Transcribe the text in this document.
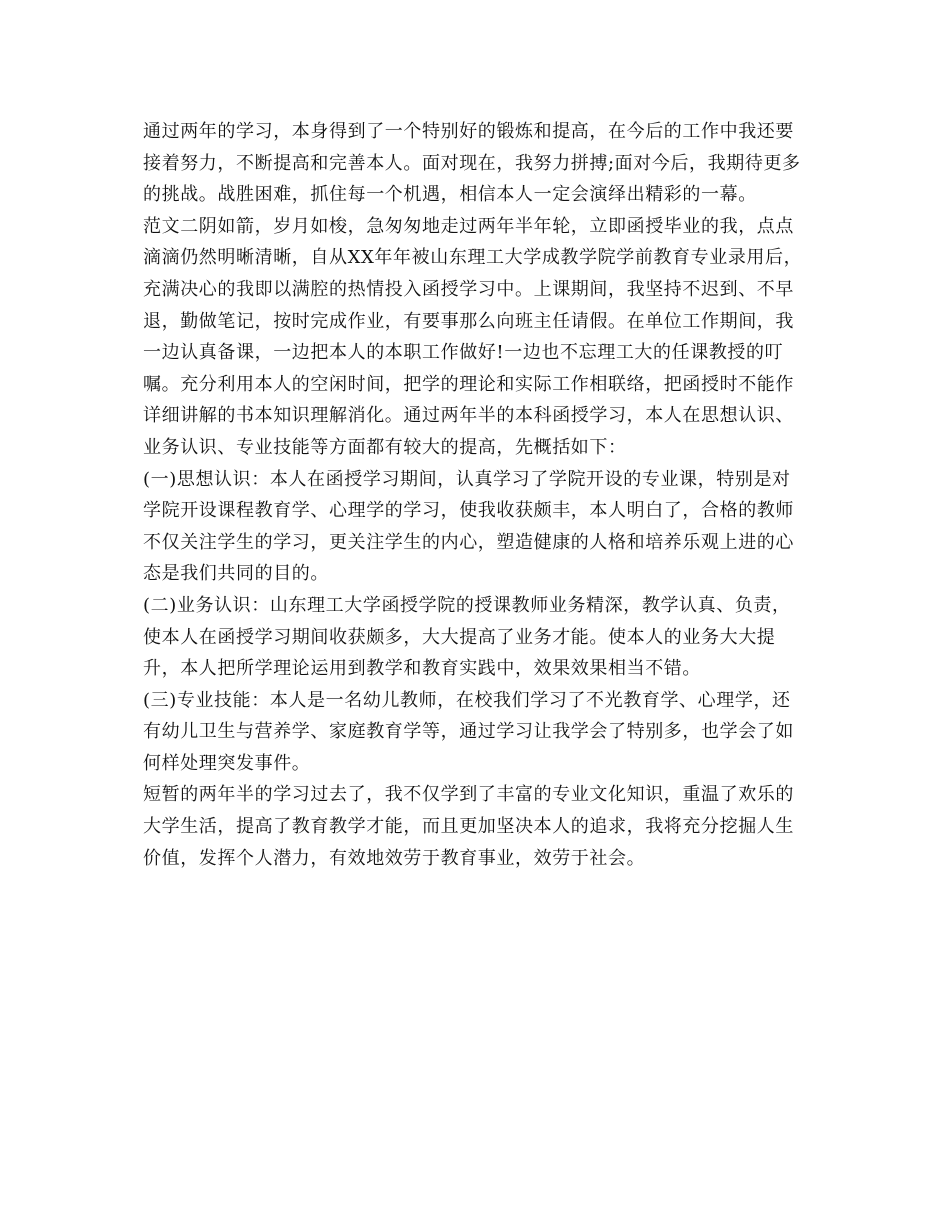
通过两年的学习，本身得到了一个特别好的锻炼和提高，在今后的工作中我还要
接着努力，不断提高和完善本人。面对现在，我努力拼搏;面对今后，我期待更多
的挑战。战胜困难，抓住每一个机遇，相信本人一定会演绎出精彩的一幕。
范文二阴如箭，岁月如梭，急匆匆地走过两年半年轮，立即函授毕业的我，点点
滴滴仍然明晰清晰，自从XX年年被山东理工大学成教学院学前教育专业录用后，
充满决心的我即以满腔的热情投入函授学习中。上课期间，我坚持不迟到、不早
退，勤做笔记，按时完成作业，有要事那么向班主任请假。在单位工作期间，我
一边认真备课，一边把本人的本职工作做好!一边也不忘理工大的任课教授的叮
嘱。充分利用本人的空闲时间，把学的理论和实际工作相联络，把函授时不能作
详细讲解的书本知识理解消化。通过两年半的本科函授学习，本人在思想认识、
业务认识、专业技能等方面都有较大的提高，先概括如下：
(一)思想认识：本人在函授学习期间，认真学习了学院开设的专业课，特别是对
学院开设课程教育学、心理学的学习，使我收获颇丰，本人明白了，合格的教师
不仅关注学生的学习，更关注学生的内心，塑造健康的人格和培养乐观上进的心
态是我们共同的目的。
(二)业务认识：山东理工大学函授学院的授课教师业务精深，教学认真、负责，
使本人在函授学习期间收获颇多，大大提高了业务才能。使本人的业务大大提
升，本人把所学理论运用到教学和教育实践中，效果效果相当不错。
(三)专业技能：本人是一名幼儿教师，在校我们学习了不光教育学、心理学，还
有幼儿卫生与营养学、家庭教育学等，通过学习让我学会了特别多，也学会了如
何样处理突发事件。
短暂的两年半的学习过去了，我不仅学到了丰富的专业文化知识，重温了欢乐的
大学生活，提高了教育教学才能，而且更加坚决本人的追求，我将充分挖掘人生
价值，发挥个人潜力，有效地效劳于教育事业，效劳于社会。
